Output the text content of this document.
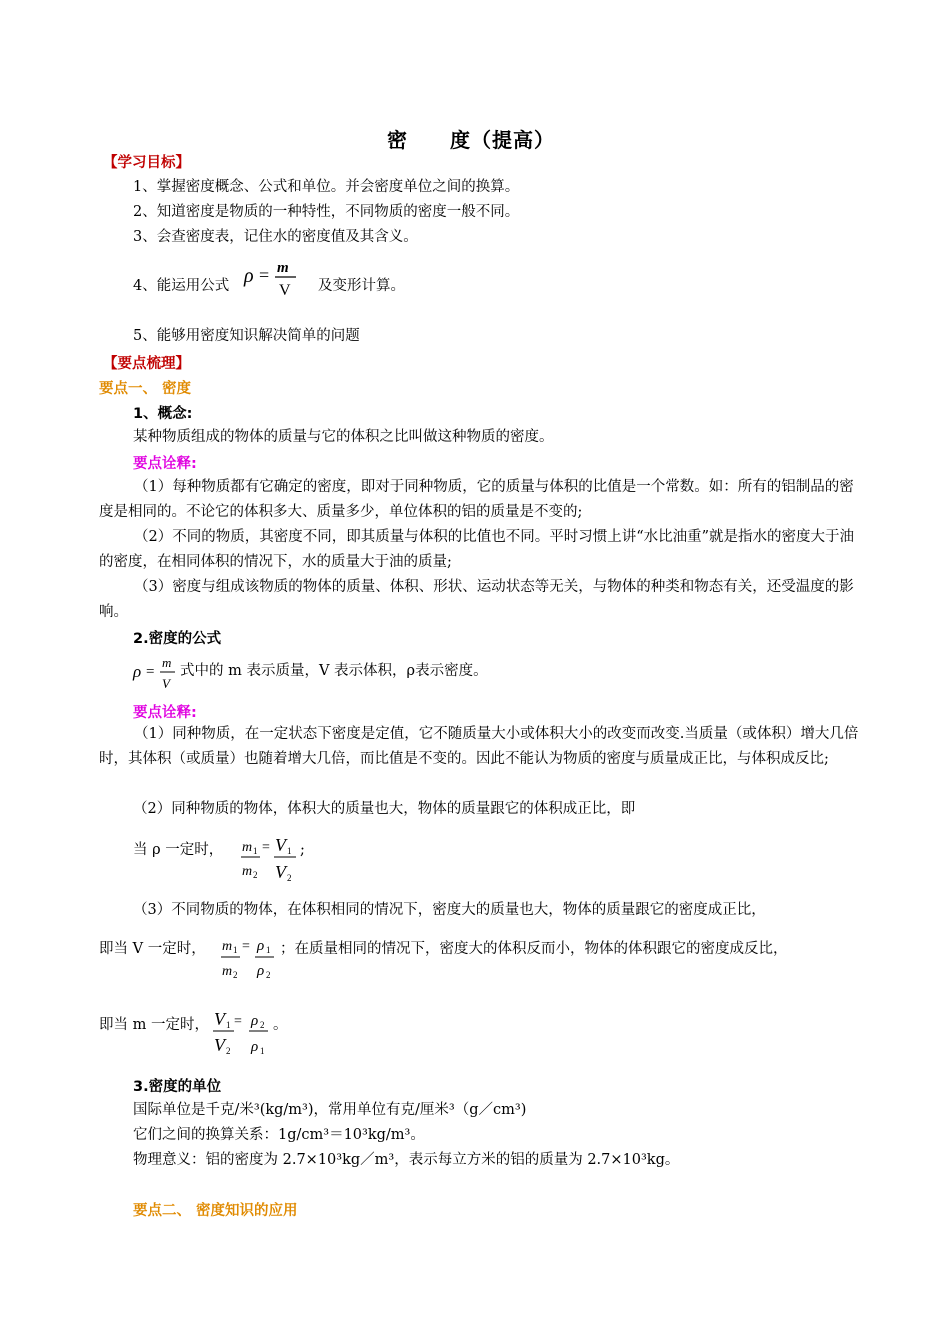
密　　度（提高）
【学习目标】
1、掌握密度概念、公式和单位。并会密度单位之间的换算。
2、知道密度是物质的一种特性，不同物质的密度一般不同。
3、会查密度表，记住水的密度值及其含义。
4、能运用公式 ρ = m
V 及变形计算。
5、能够用密度知识解决简单的问题
【要点梳理】
要点一、 密度
1、概念:
某种物质组成的物体的质量与它的体积之比叫做这种物质的密度。
要点诠释:
（1）每种物质都有它确定的密度，即对于同种物质，它的质量与体积的比值是一个常数。如：所有的铝制品的密度是相同的。不论它的体积多大、质量多少，单位体积的铝的质量是不变的;
（2）不同的物质，其密度不同，即其质量与体积的比值也不同。平时习惯上讲“水比油重”就是指水的密度大于油的密度，在相同体积的情况下，水的质量大于油的质量;
（3）密度与组成该物质的物体的质量、体积、形状、运动状态等无关，与物体的种类和物态有关，还受温度的影响。
2.密度的公式
ρ =
m
V
式中的 m 表示质量，V 表示体积，ρ表示密度。
要点诠释:
（1）同种物质，在一定状态下密度是定值，它不随质量大小或体积大小的改变而改变.当质量（或体积）增大几倍时，其体积（或质量）也随着增大几倍，而比值是不变的。因此不能认为物质的密度与质量成正比，与体积成反比;
（2）同种物质的物体，体积大的质量也大，物体的质量跟它的体积成正比，即
当 ρ 一定时， m 1 = V 1
m 2 V 2
;
（3）不同物质的物体，在体积相同的情况下，密度大的质量也大，物体的质量跟它的密度成正比，
即当 V 一定时， m 1 = ρ 1
m 2 ρ 2
；在质量相同的情况下，密度大的体积反而小，物体的体积跟它的密度成反比，
即当 m 一定时， V 1 = ρ 2
V 2 ρ 1
。
3.密度的单位
国际单位是千克/米³(kg/m³)，常用单位有克/厘米³（g／cm³)
它们之间的换算关系：1g/cm³＝10³kg/m³。
物理意义：铝的密度为 2.7×10³kg／m³，表示每立方米的铝的质量为 2.7×10³kg。
要点二、 密度知识的应用
